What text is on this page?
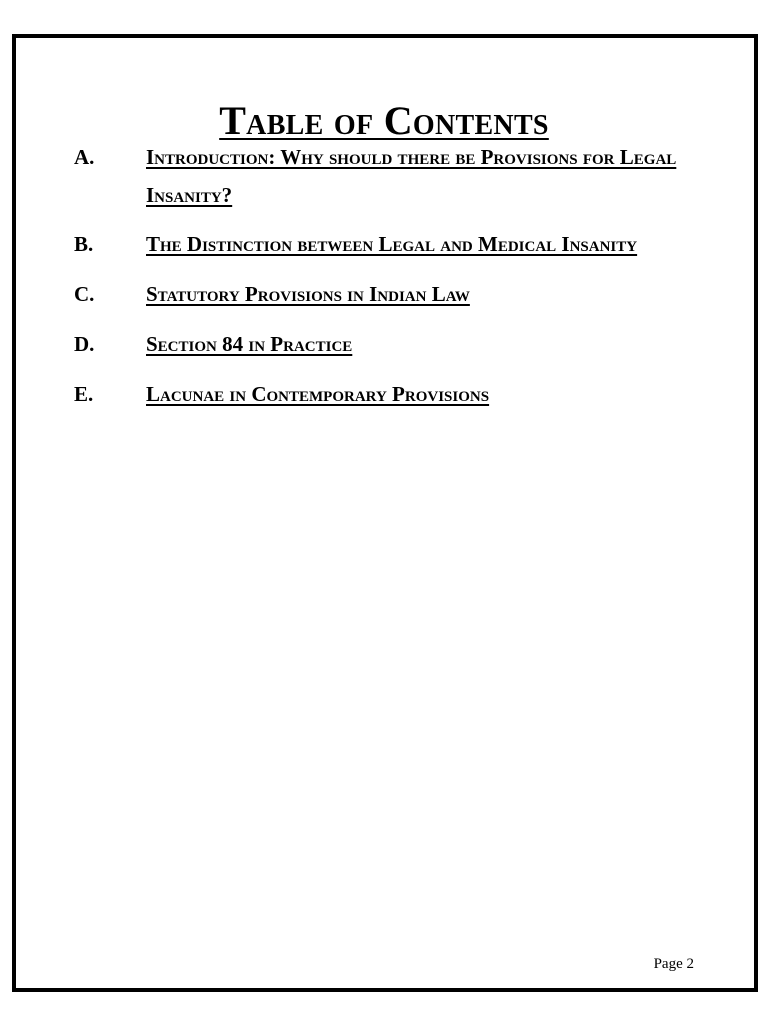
Table of Contents
A.	Introduction: Why should there be Provisions for Legal Insanity?
B.	The Distinction between Legal and Medical Insanity
C.	Statutory Provisions in Indian Law
D.	Section 84 in Practice
E.	Lacunae in Contemporary Provisions
Page 2
